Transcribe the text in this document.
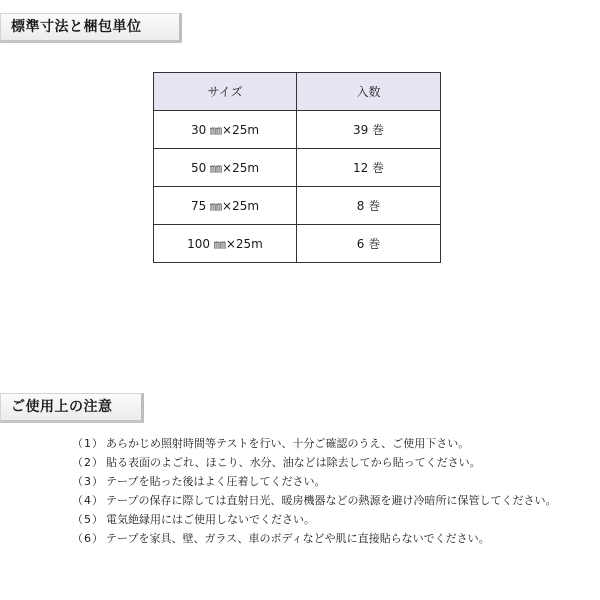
標準寸法と梱包単位
サイズ	入数
30 ㎜×25m	39 巻
50 ㎜×25m	12 巻
75 ㎜×25m	8 巻
100 ㎜×25m	6 巻
ご使用上の注意
（1） あらかじめ照射時間等テストを行い、十分ご確認のうえ、ご使用下さい。
（2） 貼る表面のよごれ、ほこり、水分、油などは除去してから貼ってください。
（3） テープを貼った後はよく圧着してください。
（4） テープの保存に際しては直射日光、暖房機器などの熱源を避け冷暗所に保管してください。
（5） 電気絶縁用にはご使用しないでください。
（6） テープを家具、壁、ガラス、車のボディなどや肌に直接貼らないでください。
